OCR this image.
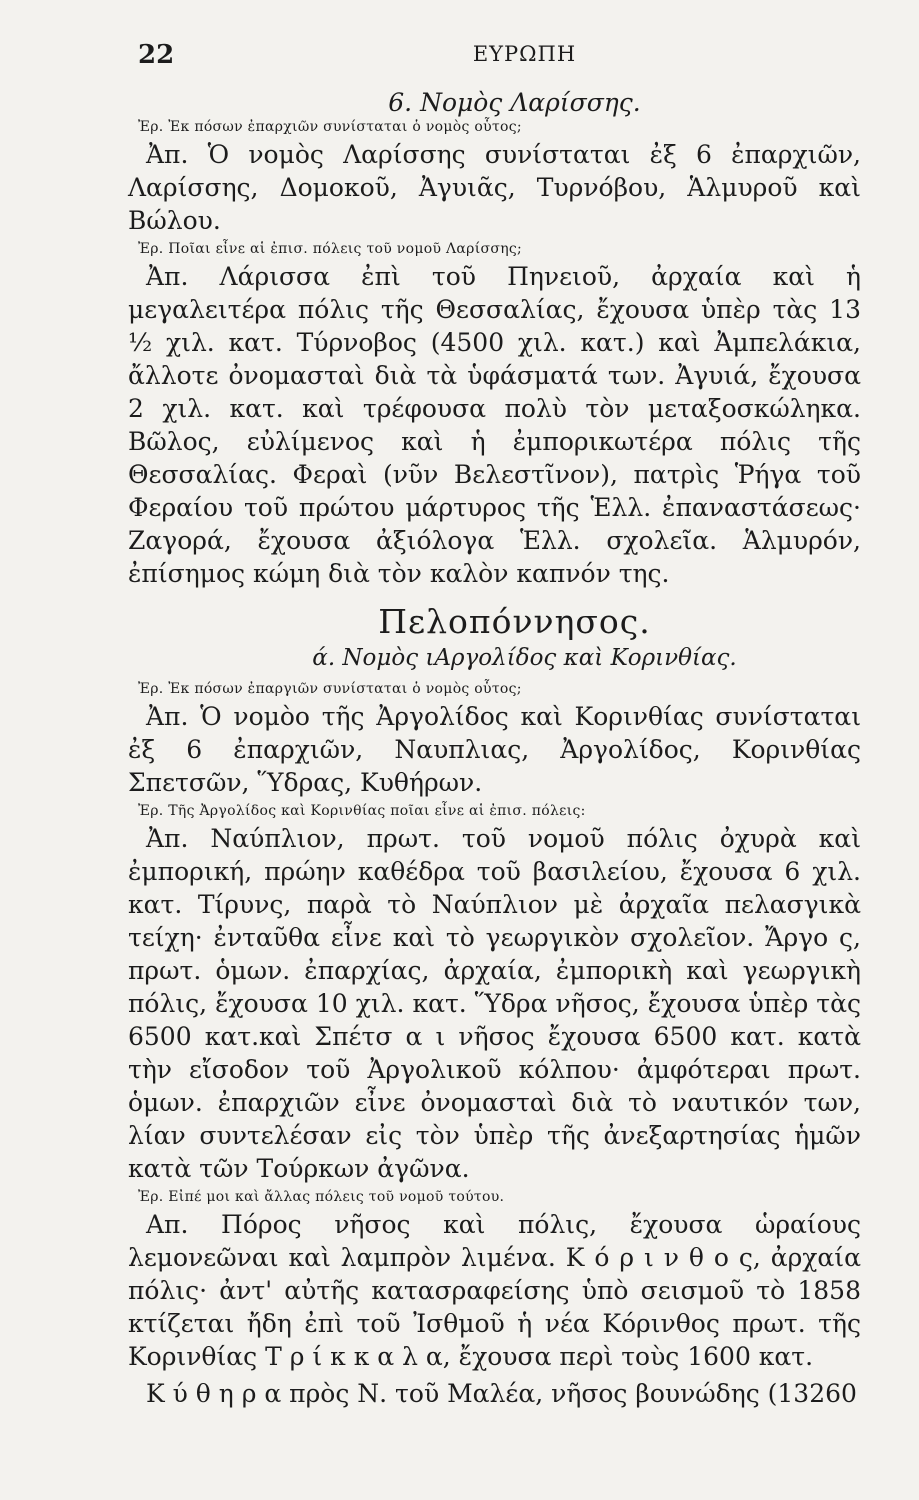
22	ΕΥΡΩΠΗ
6. Νομὸς Λαρίσσης.

Ἐρ. Ἐκ πόσων ἐπαρχιῶν συνίσταται ὁ νομὸς οὗτος;

Ἀπ. Ὁ νομὸς Λαρίσσης συνίσταται ἐξ 6 ἐπαρχιῶν, Λαρίσσης, Δομοκοῦ, Ἀγυιᾶς, Τυρνόβου, Ἁλμυροῦ καὶ Βώλου.

Ἐρ. Ποῖαι εἶνε αἱ ἐπισ. πόλεις τοῦ νομοῦ Λαρίσσης;

Ἀπ. Λάρισσα ἐπὶ τοῦ Πηνειοῦ, ἀρχαία καὶ ἡ μεγαλειτέρα πόλις τῆς Θεσσαλίας, ἔχουσα ὑπὲρ τὰς 13 ½ χιλ. κατ. Τύρνοβος (4500 χιλ. κατ.) καὶ Ἀμπελάκια, ἄλλοτε ὀνομασταὶ διὰ τὰ ὑφάσματά των. Ἀγυιά, ἔχουσα 2 χιλ. κατ. καὶ τρέφουσα πολὺ τὸν μεταξοσκώληκα. Βῶλος, εὐλίμενος καὶ ἡ ἐμπορικωτέρα πόλις τῆς Θεσσαλίας. Φεραὶ (νῦν Βελεστῖνον), πατρὶς Ῥήγα τοῦ Φεραίου τοῦ πρώτου μάρτυρος τῆς Ἑλλ. ἐπαναστάσεως· Ζαγορά, ἔχουσα ἀξιόλογα Ἑλλ. σχολεῖα. Ἁλμυρόν, ἐπίσημος κώμη διὰ τὸν καλὸν καπνόν της.

Πελοπόννησος.
ά. Νομὸς ιΑργολίδος καὶ Κορινθίας.

Ἐρ. Ἐκ πόσων ἐπαργιῶν συνίσταται ὁ νομὸς οὗτος;

Ἀπ. Ὁ νομὸο τῆς Ἀργολίδος καὶ Κορινθίας συνίσταται ἐξ 6 ἐπαρχιῶν, Ναυπλιας, Ἀργολίδος, Κορινθίας Σπετσῶν, Ὕδρας, Κυθήρων.

Ἐρ. Τῆς Ἀργολίδος καὶ Κορινθίας ποῖαι εἶνε αἱ ἐπισ. πόλεις:

Ἀπ. Ναύπλιον, πρωτ. τοῦ νομοῦ πόλις ὀχυρὰ καὶ ἐμπορική, πρώην καθέδρα τοῦ βασιλείου, ἔχουσα 6 χιλ. κατ. Τίρυνς, παρὰ τὸ Ναύπλιον μὲ ἀρχαῖα πελασγικὰ τείχη· ἐνταῦθα εἶνε καὶ τὸ γεωργικὸν σχολεῖον. Ἄργο ς, πρωτ. ὁμων. ἐπαρχίας, ἀρχαία, ἐμπορικὴ καὶ γεωργικὴ πόλις, ἔχουσα 10 χιλ. κατ. Ὕδρα νῆσος, ἔχουσα ὑπὲρ τὰς 6500 κατ.καὶ Σπέτσ α ι νῆσος ἔχουσα 6500 κατ. κατὰ τὴν εἴσοδον τοῦ Ἀργολικοῦ κόλπου· ἀμφότεραι πρωτ. ὁμων. ἐπαρχιῶν εἶνε ὀνομασταὶ διὰ τὸ ναυτικόν των, λίαν συντελέσαν εἰς τὸν ὑπὲρ τῆς ἀνεξαρτησίας ἡμῶν κατὰ τῶν Τούρκων ἀγῶνα.

Ἐρ. Εἰπέ μοι καὶ ἄλλας πόλεις τοῦ νομοῦ τούτου.

Απ. Πόρος νῆσος καὶ πόλις, ἔχουσα ὡραίους λεμονεῶναι καὶ λαμπρὸν λιμένα. Κ ό ρ ι ν θ ο ς, ἀρχαία πόλις· ἀντ' αὐτῆς κατασραφείσης ὑπὸ σεισμοῦ τὸ 1858 κτίζεται ἤδη ἐπὶ τοῦ Ἰσθμοῦ ἡ νέα Κόρινθος πρωτ. τῆς Κορινθίας Τ ρ ί κ κ α λ α, ἔχουσα περὶ τοὺς 1600 κατ.

Κ ύ θ η ρ α πρὸς Ν. τοῦ Μαλέα, νῆσος βουνώδης (13260
